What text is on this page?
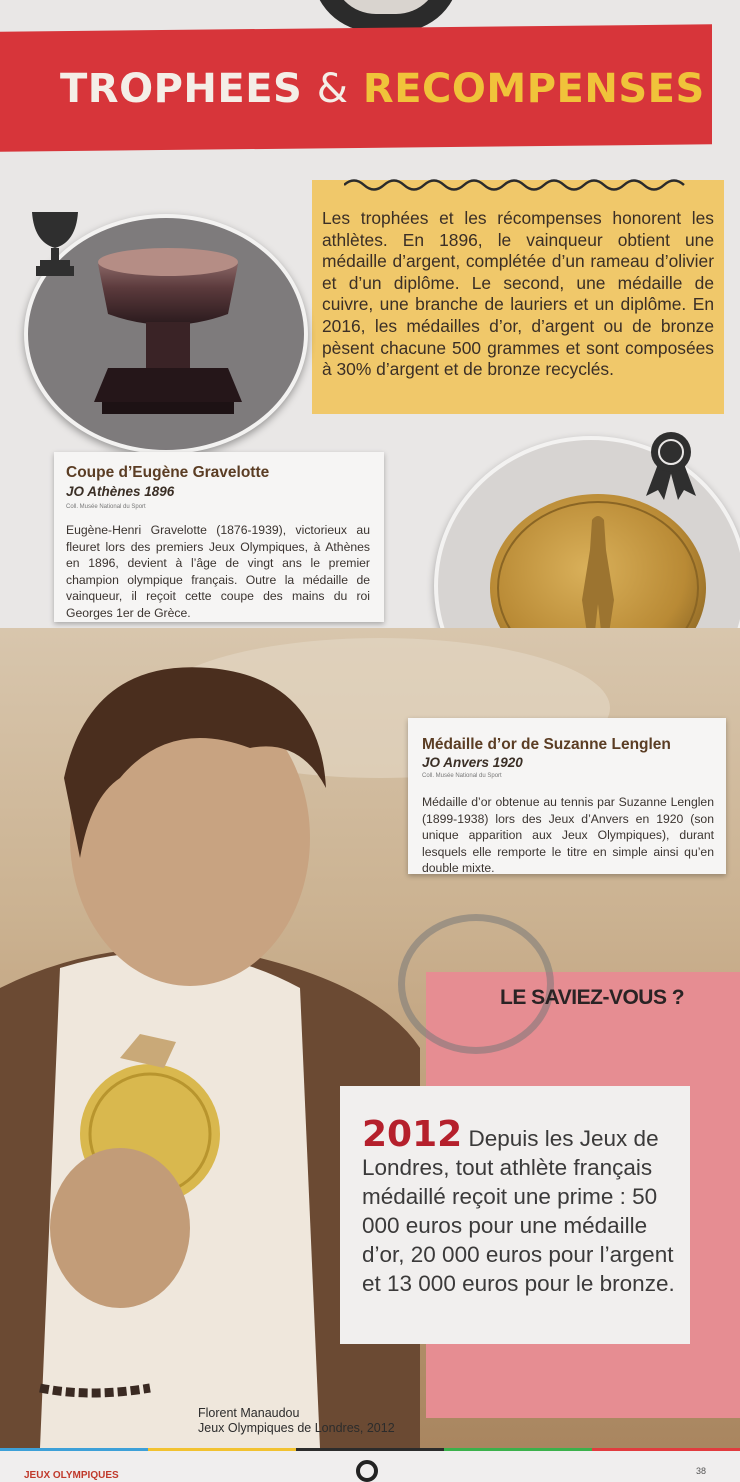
TROPHEES & RECOMPENSES
Les trophées et les récompenses honorent les athlètes. En 1896, le vainqueur obtient une médaille d’argent, complétée d’un rameau d’olivier et d’un diplôme. Le second, une médaille de cuivre, une branche de lauriers et un diplôme. En 2016, les médailles d’or, d’argent ou de bronze pèsent chacune 500 grammes et sont composées à 30% d’argent et de bronze recyclés.
Coupe d’Eugène Gravelotte
JO Athènes 1896
Coll. Musée National du Sport
Eugène-Henri Gravelotte (1876-1939), victorieux au fleuret lors des premiers Jeux Olympiques, à Athènes en 1896, devient à l’âge de vingt ans le premier champion olympique français. Outre la médaille de vainqueur, il reçoit cette coupe des mains du roi Georges 1er de Grèce.
LE SAVIEZ-VOUS ?
2012 Depuis les Jeux de Londres, tout athlète français médaillé reçoit une prime : 50 000 euros pour une médaille d’or, 20 000 euros pour l’argent et 13 000 euros pour le bronze.
Florent Manaudou
Jeux Olympiques de Londres, 2012
JEUX OLYMPIQUES	38
Médaille d’or de Suzanne Lenglen
JO Anvers 1920
Coll. Musée National du Sport
Médaille d’or obtenue au tennis par Suzanne Lenglen (1899-1938) lors des Jeux d’Anvers en 1920 (son unique apparition aux Jeux Olympiques), durant lesquels elle remporte le titre en simple ainsi qu’en double mixte.
